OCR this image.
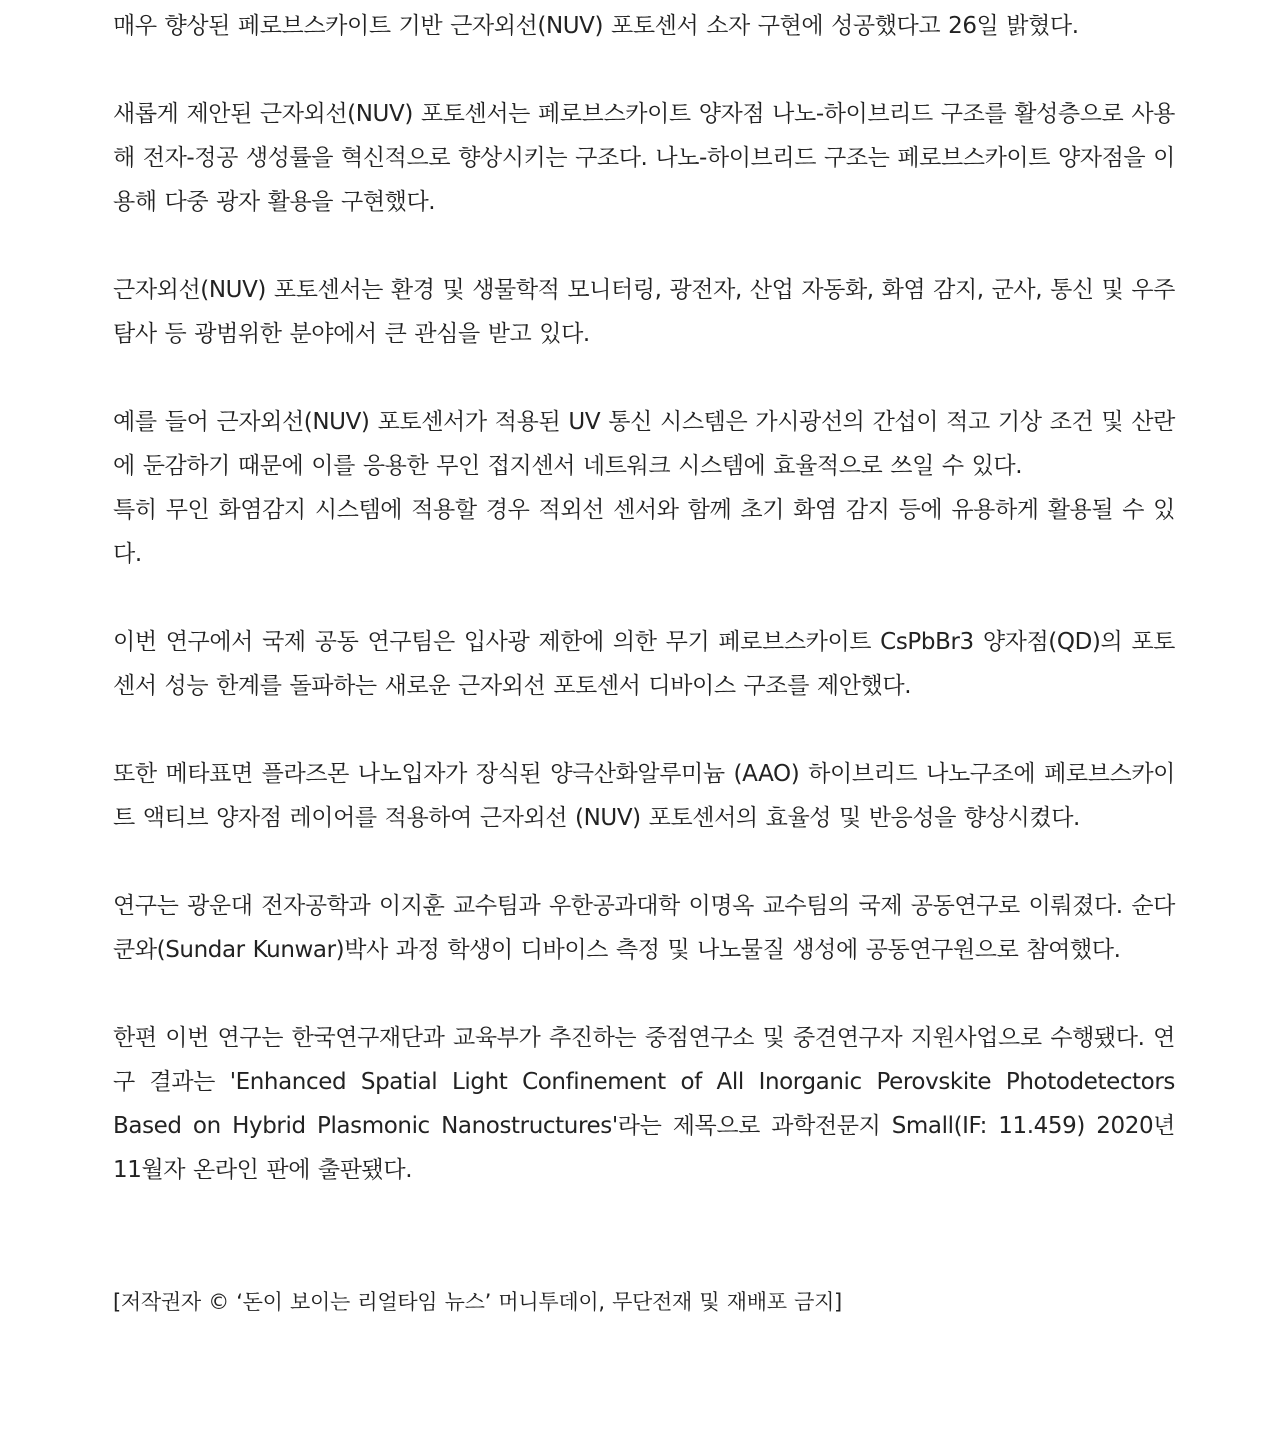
매우 향상된 페로브스카이트 기반 근자외선(NUV) 포토센서 소자 구현에 성공했다고 26일 밝혔다.

새롭게 제안된 근자외선(NUV) 포토센서는 페로브스카이트 양자점 나노-하이브리드 구조를 활성층으로 사용해 전자-정공 생성률을 혁신적으로 향상시키는 구조다. 나노-하이브리드 구조는 페로브스카이트 양자점을 이용해 다중 광자 활용을 구현했다.

근자외선(NUV) 포토센서는 환경 및 생물학적 모니터링, 광전자, 산업 자동화, 화염 감지, 군사, 통신 및 우주 탐사 등 광범위한 분야에서 큰 관심을 받고 있다.

예를 들어 근자외선(NUV) 포토센서가 적용된 UV 통신 시스템은 가시광선의 간섭이 적고 기상 조건 및 산란에 둔감하기 때문에 이를 응용한 무인 접지센서 네트워크 시스템에 효율적으로 쓰일 수 있다.

특히 무인 화염감지 시스템에 적용할 경우 적외선 센서와 함께 초기 화염 감지 등에 유용하게 활용될 수 있다.

이번 연구에서 국제 공동 연구팀은 입사광 제한에 의한 무기 페로브스카이트 CsPbBr3 양자점(QD)의 포토센서 성능 한계를 돌파하는 새로운 근자외선 포토센서 디바이스 구조를 제안했다.

또한 메타표면 플라즈몬 나노입자가 장식된 양극산화알루미늄 (AAO) 하이브리드 나노구조에 페로브스카이트 액티브 양자점 레이어를 적용하여 근자외선 (NUV) 포토센서의 효율성 및 반응성을 향상시켰다.

연구는 광운대 전자공학과 이지훈 교수팀과 우한공과대학 이명옥 교수팀의 국제 공동연구로 이뤄졌다. 순다 쿤와(Sundar Kunwar)박사 과정 학생이 디바이스 측정 및 나노물질 생성에 공동연구원으로 참여했다.

한편 이번 연구는 한국연구재단과 교육부가 추진하는 중점연구소 및 중견연구자 지원사업으로 수행됐다. 연구 결과는 'Enhanced Spatial Light Confinement of All Inorganic Perovskite Photodetectors Based on Hybrid Plasmonic Nanostructures'라는 제목으로 과학전문지 Small(IF: 11.459) 2020년 11월자 온라인 판에 출판됐다.

[저작권자 © ‘돈이 보이는 리얼타임 뉴스’ 머니투데이, 무단전재 및 재배포 금지]
